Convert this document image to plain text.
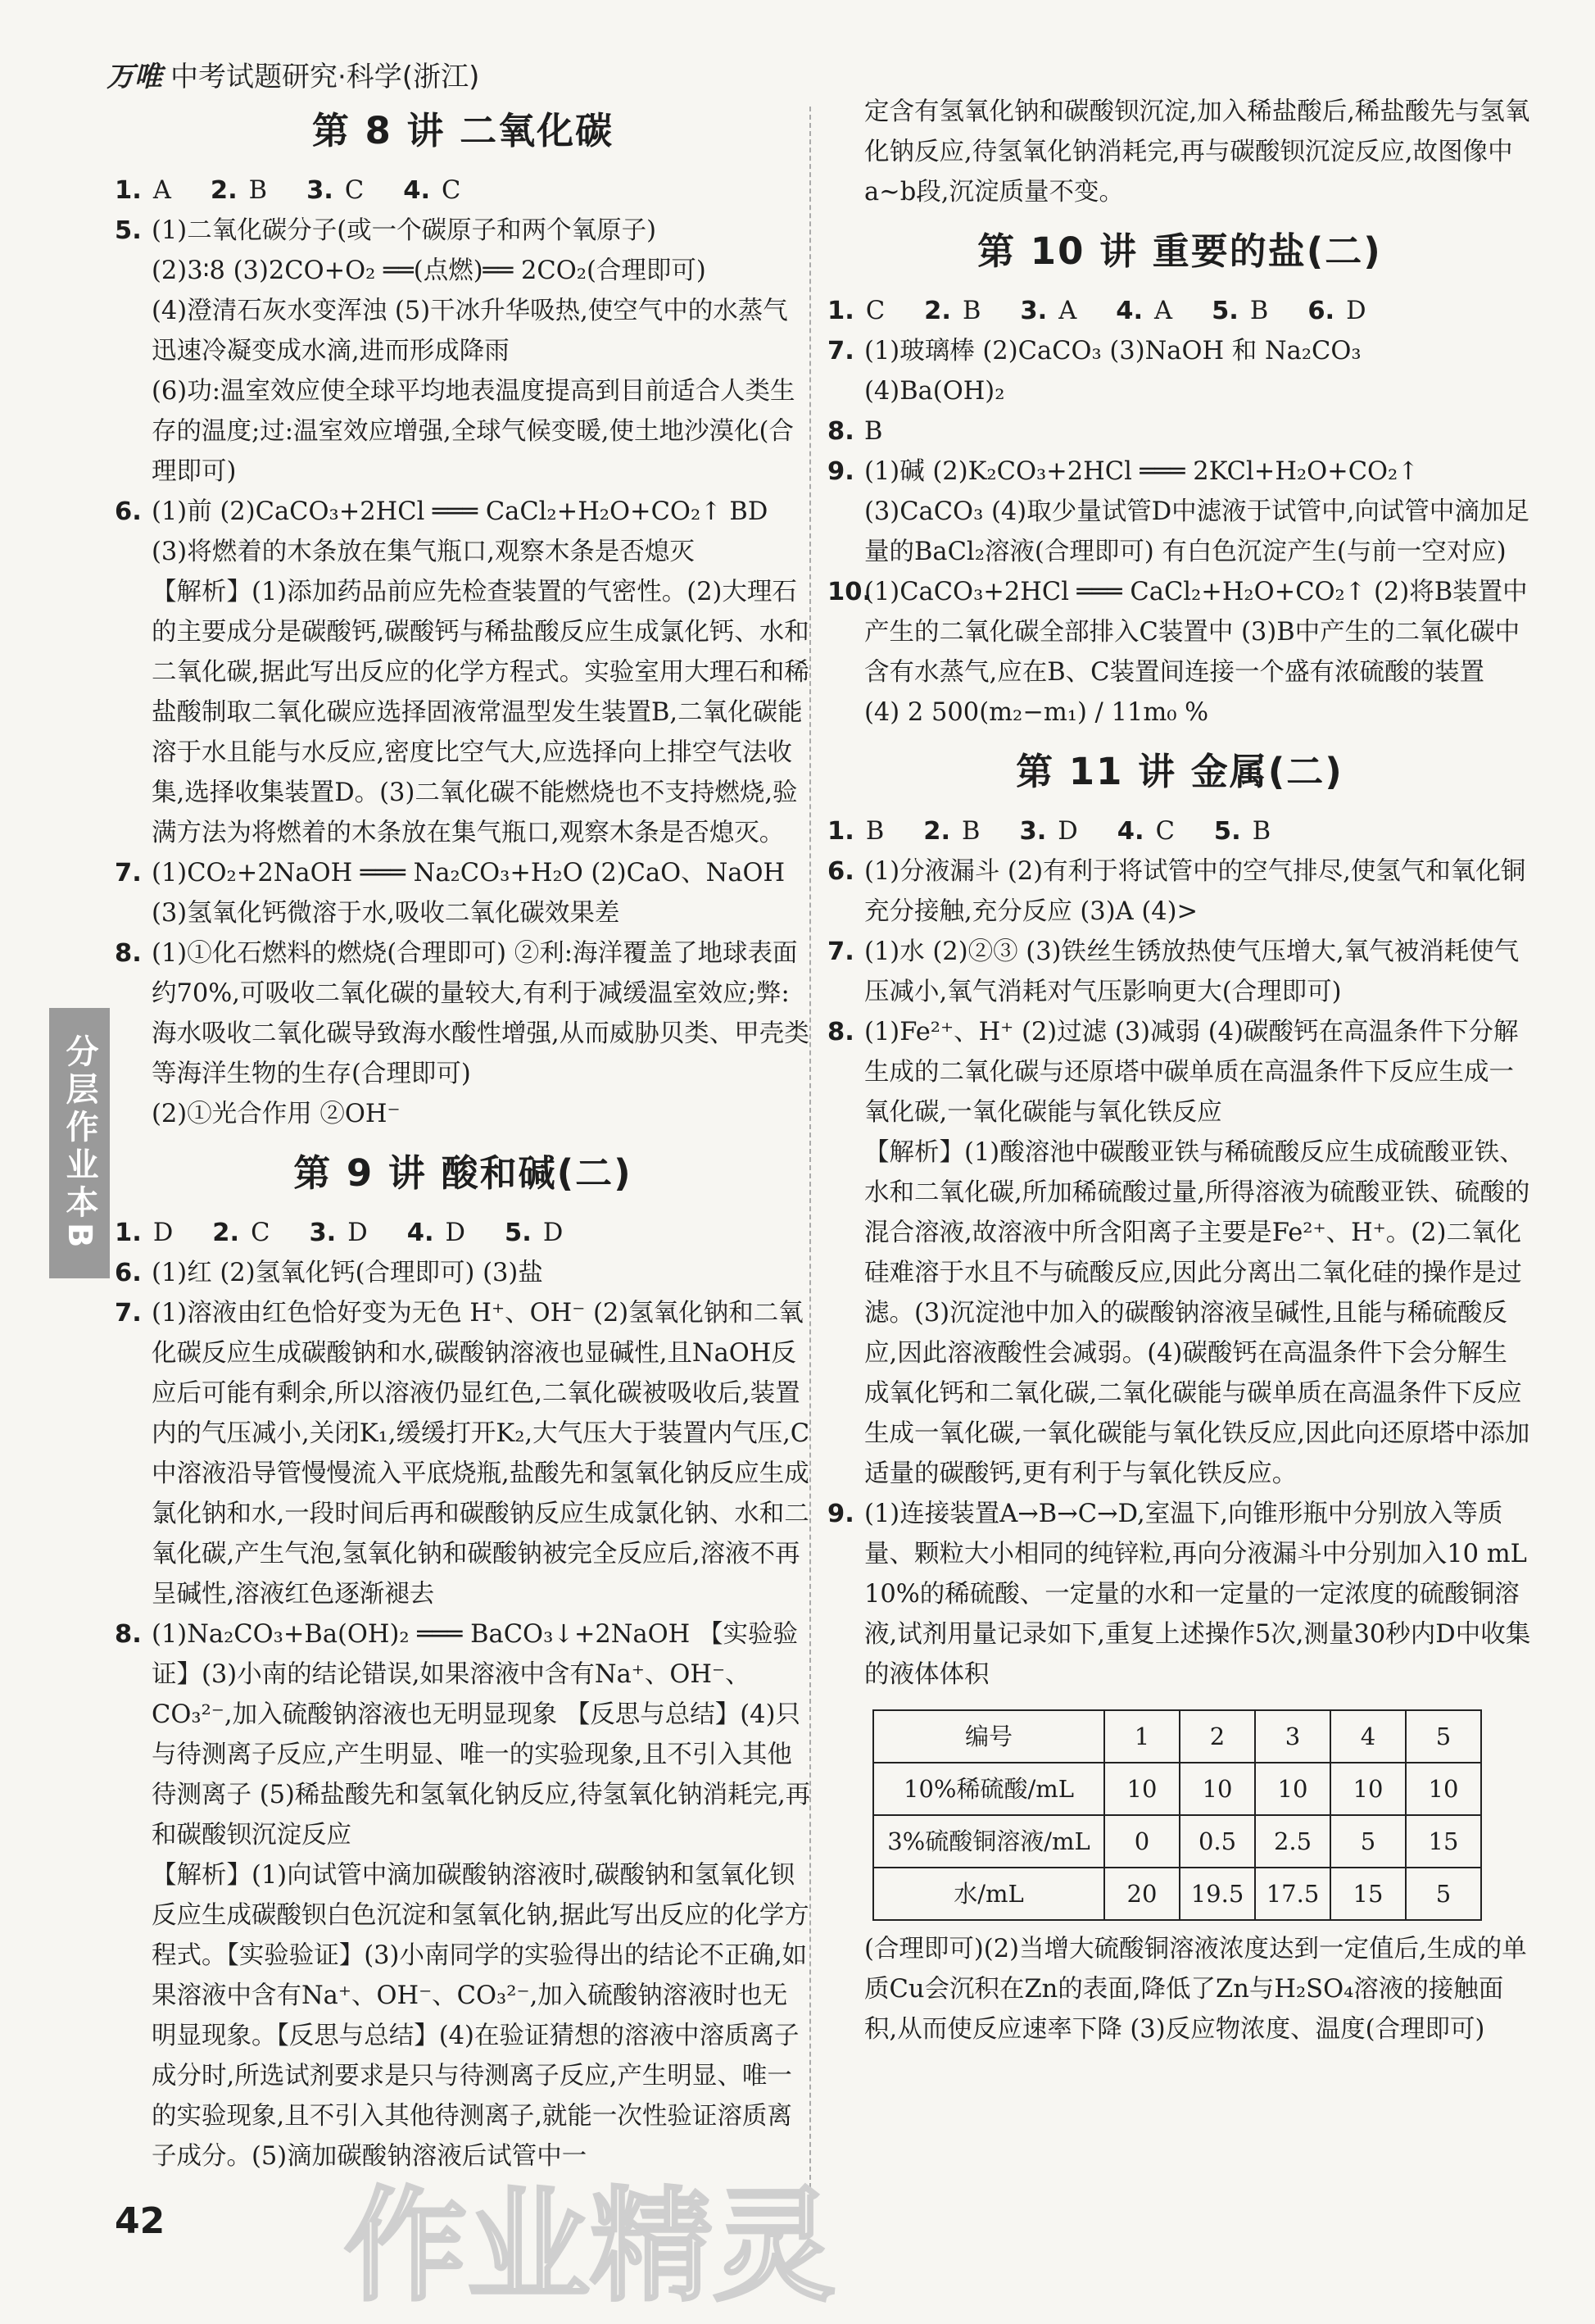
万唯 中考试题研究·科学(浙江)
分层作业本B
第 8 讲 二氧化碳
1. A 2. B 3. C 4. C

5. (1)二氧化碳分子(或一个碳原子和两个氧原子)

(2)3∶8 (3)2CO+O₂ ══(点燃)══ 2CO₂(合理即可)

(4)澄清石灰水变浑浊 (5)干冰升华吸热,使空气中的水蒸气迅速冷凝变成水滴,进而形成降雨

(6)功:温室效应使全球平均地表温度提高到目前适合人类生存的温度;过:温室效应增强,全球气候变暖,使土地沙漠化(合理即可)

6. (1)前 (2)CaCO₃+2HCl ═══ CaCl₂+H₂O+CO₂↑ BD

(3)将燃着的木条放在集气瓶口,观察木条是否熄灭

【解析】(1)添加药品前应先检查装置的气密性。(2)大理石的主要成分是碳酸钙,碳酸钙与稀盐酸反应生成氯化钙、水和二氧化碳,据此写出反应的化学方程式。实验室用大理石和稀盐酸制取二氧化碳应选择固液常温型发生装置B,二氧化碳能溶于水且能与水反应,密度比空气大,应选择向上排空气法收集,选择收集装置D。(3)二氧化碳不能燃烧也不支持燃烧,验满方法为将燃着的木条放在集气瓶口,观察木条是否熄灭。

7. (1)CO₂+2NaOH ═══ Na₂CO₃+H₂O (2)CaO、NaOH

(3)氢氧化钙微溶于水,吸收二氧化碳效果差

8. (1)①化石燃料的燃烧(合理即可) ②利:海洋覆盖了地球表面约70%,可吸收二氧化碳的量较大,有利于减缓温室效应;弊:海水吸收二氧化碳导致海水酸性增强,从而威胁贝类、甲壳类等海洋生物的生存(合理即可)

(2)①光合作用 ②OH⁻

第 9 讲 酸和碱(二)
1. D 2. C 3. D 4. D 5. D

6. (1)红 (2)氢氧化钙(合理即可) (3)盐

7. (1)溶液由红色恰好变为无色 H⁺、OH⁻ (2)氢氧化钠和二氧化碳反应生成碳酸钠和水,碳酸钠溶液也显碱性,且NaOH反应后可能有剩余,所以溶液仍显红色,二氧化碳被吸收后,装置内的气压减小,关闭K₁,缓缓打开K₂,大气压大于装置内气压,C中溶液沿导管慢慢流入平底烧瓶,盐酸先和氢氧化钠反应生成氯化钠和水,一段时间后再和碳酸钠反应生成氯化钠、水和二氧化碳,产生气泡,氢氧化钠和碳酸钠被完全反应后,溶液不再呈碱性,溶液红色逐渐褪去

8. (1)Na₂CO₃+Ba(OH)₂ ═══ BaCO₃↓+2NaOH 【实验验证】(3)小南的结论错误,如果溶液中含有Na⁺、OH⁻、CO₃²⁻,加入硫酸钠溶液也无明显现象 【反思与总结】(4)只与待测离子反应,产生明显、唯一的实验现象,且不引入其他待测离子 (5)稀盐酸先和氢氧化钠反应,待氢氧化钠消耗完,再和碳酸钡沉淀反应

【解析】(1)向试管中滴加碳酸钠溶液时,碳酸钠和氢氧化钡反应生成碳酸钡白色沉淀和氢氧化钠,据此写出反应的化学方程式。【实验验证】(3)小南同学的实验得出的结论不正确,如果溶液中含有Na⁺、OH⁻、CO₃²⁻,加入硫酸钠溶液时也无明显现象。【反思与总结】(4)在验证猜想的溶液中溶质离子成分时,所选试剂要求是只与待测离子反应,产生明显、唯一的实验现象,且不引入其他待测离子,就能一次性验证溶质离子成分。(5)滴加碳酸钠溶液后试管中一

定含有氢氧化钠和碳酸钡沉淀,加入稀盐酸后,稀盐酸先与氢氧化钠反应,待氢氧化钠消耗完,再与碳酸钡沉淀反应,故图像中a~b段,沉淀质量不变。

第 10 讲 重要的盐(二)
1. C 2. B 3. A 4. A 5. B 6. D

7. (1)玻璃棒 (2)CaCO₃ (3)NaOH 和 Na₂CO₃

(4)Ba(OH)₂

8. B

9. (1)碱 (2)K₂CO₃+2HCl ═══ 2KCl+H₂O+CO₂↑

(3)CaCO₃ (4)取少量试管D中滤液于试管中,向试管中滴加足量的BaCl₂溶液(合理即可) 有白色沉淀产生(与前一空对应)

10.(1)CaCO₃+2HCl ═══ CaCl₂+H₂O+CO₂↑ (2)将B装置中产生的二氧化碳全部排入C装置中 (3)B中产生的二氧化碳中含有水蒸气,应在B、C装置间连接一个盛有浓硫酸的装置

(4) 2 500(m₂−m₁) / 11m₀ %

第 11 讲 金属(二)
1. B 2. B 3. D 4. C 5. B

6. (1)分液漏斗 (2)有利于将试管中的空气排尽,使氢气和氧化铜充分接触,充分反应 (3)A (4)>

7. (1)水 (2)②③ (3)铁丝生锈放热使气压增大,氧气被消耗使气压减小,氧气消耗对气压影响更大(合理即可)

8. (1)Fe²⁺、H⁺ (2)过滤 (3)减弱 (4)碳酸钙在高温条件下分解生成的二氧化碳与还原塔中碳单质在高温条件下反应生成一氧化碳,一氧化碳能与氧化铁反应

【解析】(1)酸溶池中碳酸亚铁与稀硫酸反应生成硫酸亚铁、水和二氧化碳,所加稀硫酸过量,所得溶液为硫酸亚铁、硫酸的混合溶液,故溶液中所含阳离子主要是Fe²⁺、H⁺。(2)二氧化硅难溶于水且不与硫酸反应,因此分离出二氧化硅的操作是过滤。(3)沉淀池中加入的碳酸钠溶液呈碱性,且能与稀硫酸反应,因此溶液酸性会减弱。(4)碳酸钙在高温条件下会分解生成氧化钙和二氧化碳,二氧化碳能与碳单质在高温条件下反应生成一氧化碳,一氧化碳能与氧化铁反应,因此向还原塔中添加适量的碳酸钙,更有利于与氧化铁反应。

9. (1)连接装置A→B→C→D,室温下,向锥形瓶中分别放入等质量、颗粒大小相同的纯锌粒,再向分液漏斗中分别加入10 mL 10%的稀硫酸、一定量的水和一定量的一定浓度的硫酸铜溶液,试剂用量记录如下,重复上述操作5次,测量30秒内D中收集的液体体积

编号	1	2	3	4	5
10%稀硫酸/mL	10	10	10	10	10
3%硫酸铜溶液/mL	0	0.5	2.5	5	15
水/mL	20	19.5	17.5	15	5

(合理即可)(2)当增大硫酸铜溶液浓度达到一定值后,生成的单质Cu会沉积在Zn的表面,降低了Zn与H₂SO₄溶液的接触面积,从而使反应速率下降 (3)反应物浓度、温度(合理即可)

42 作业精灵
